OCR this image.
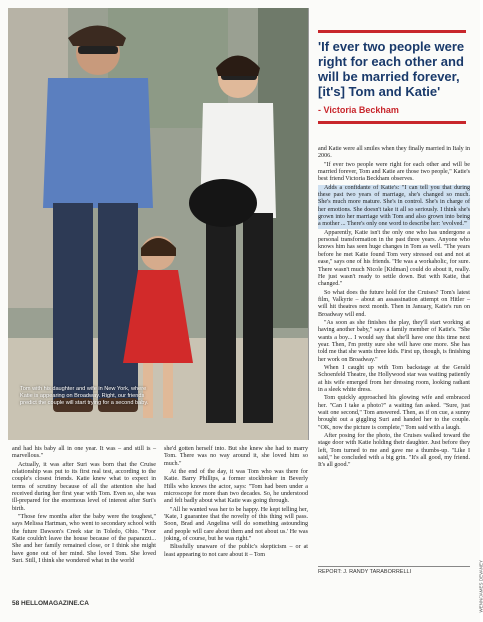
Tom with his daughter and wife in New York, where Katie is appearing on Broadway. Right, our friends predict the couple will start trying for a second baby.
'If ever two people were right for each other and will be married forever, [it's] Tom and Katie'
- Victoria Beckham

and Katie were all smiles when they finally married in Italy in 2006.

"If ever two people were right for each other and will be married forever, Tom and Katie are those two people," Katie's best friend Victoria Beckham observes.

Adds a confidante of Katie's: "I can tell you that during these past two years of marriage, she's changed so much. She's much more mature. She's in control. She's in charge of her emotions. She doesn't take it all so seriously. I think she's grown into her marriage with Tom and also grown into being a mother ... There's only one word to describe her: 'evolved.'"

Apparently, Katie isn't the only one who has undergone a personal transformation in the past three years. Anyone who knows him has seen huge changes in Tom as well. "The years before he met Katie found Tom very stressed out and not at ease," says one of his friends. "He was a workaholic, for sure. There wasn't much Nicole [Kidman] could do about it, really. He just wasn't ready to settle down. But with Katie, that changed."

So what does the future hold for the Cruises? Tom's latest film, Valkyrie – about an assassination attempt on Hitler – will hit theatres next month. Then in January, Katie's run on Broadway will end.

"As soon as she finishes the play, they'll start working at having another baby," says a family member of Katie's. "She wants a boy... I would say that she'll have one this time next year. Then, I'm pretty sure she will have one more. She has told me that she wants three kids. First up, though, is finishing her work on Broadway."

When I caught up with Tom backstage at the Gerald Schoenfeld Theatre, the Hollywood star was waiting patiently at his wife emerged from her dressing room, looking radiant in a sleek white dress.

Tom quickly approached his glowing wife and embraced her. "Can I take a photo?" a waiting fan asked. "Sure, just wait one second," Tom answered. Then, as if on cue, a sunny brought out a giggling Suri and handed her to the couple. "OK, now the picture is complete," Tom said with a laugh.

After posing for the photo, the Cruises walked toward the stage door with Katie holding their daughter. Just before they left, Tom turned to me and gave me a thumbs-up. "Like I said," he concluded with a big grin. "It's all good, my friend. It's all good."

REPORT: J. RANDY TARABORRELLI

and had his baby all in one year. It was – and still is – marvellous."

Actually, it was after Suri was born that the Cruise relationship was put to its first real test, according to the couple's closest friends. Katie knew what to expect in terms of scrutiny because of all the attention she had received during her first year with Tom. Even so, she was ill-prepared for the enormous level of interest after Suri's birth.

"Those few months after the baby were the toughest," says Melissa Hartman, who went to secondary school with the future Dawson's Creek star in Toledo, Ohio. "Poor Katie couldn't leave the house because of the paparazzi... She and her family remained close, or I think she might have gone out of her mind. She loved Tom. She loved Suri. Still, I think she wondered what in the world

she'd gotten herself into. But she knew she had to marry Tom. There was no way around it, she loved him so much."

At the end of the day, it was Tom who was there for Katie. Barry Phillips, a former stockbroker in Beverly Hills who knows the actor, says: "Tom had been under a microscope for more than two decades. So, he understood and felt badly about what Katie was going through.

"All he wanted was her to be happy. He kept telling her, 'Kate, I guarantee that the novelty of this thing will pass. Soon, Brad and Angelina will do something astounding and people will care about them and not about us.' He was joking, of course, but he was right."

Blissfully unaware of the public's skepticism – or at least appearing to not care about it – Tom

58 HELLOMAGAZINE.CA	WENN/JAMES DEVANEY
